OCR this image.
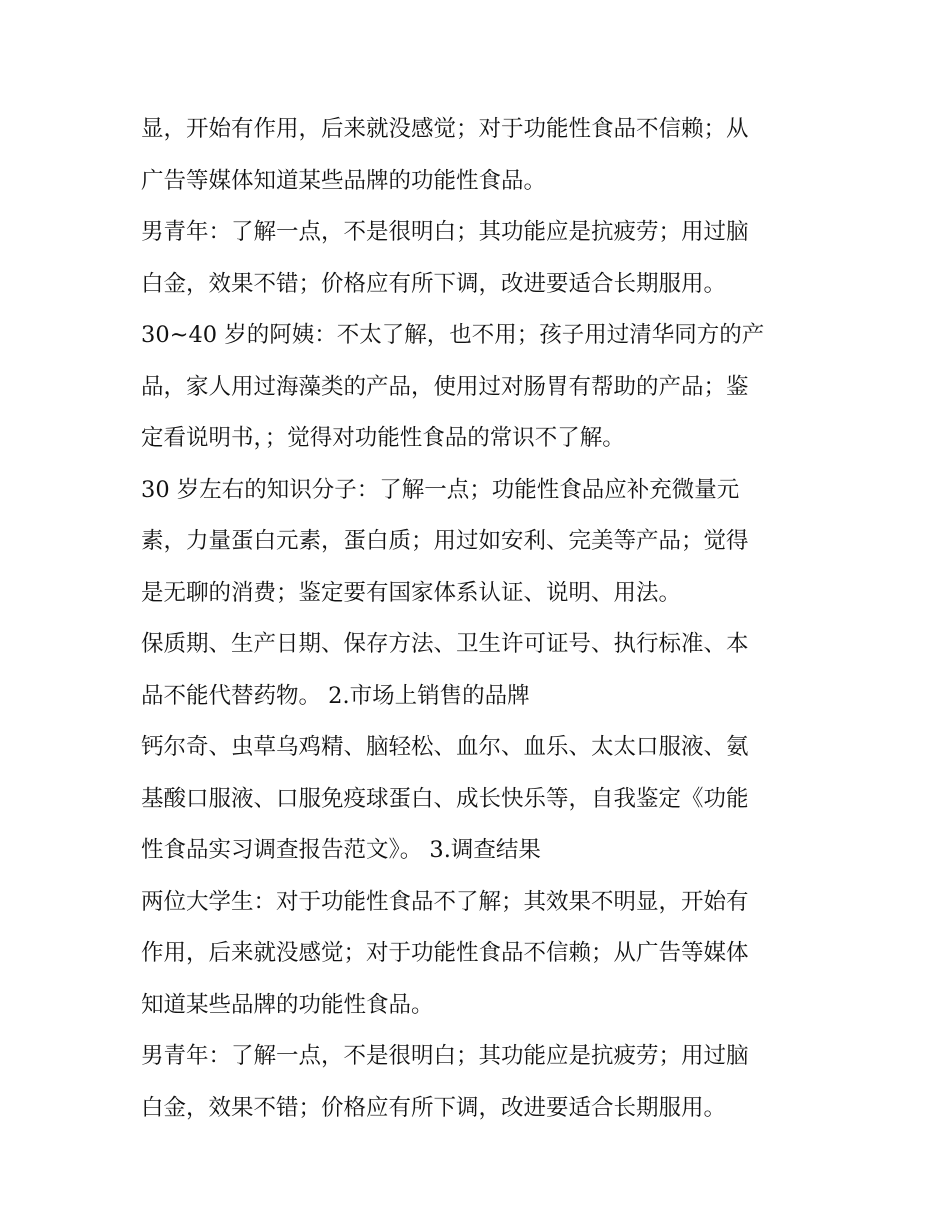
显，开始有作用，后来就没感觉；对于功能性食品不信赖；从
广告等媒体知道某些品牌的功能性食品。

男青年：了解一点，不是很明白；其功能应是抗疲劳；用过脑
白金，效果不错；价格应有所下调，改进要适合长期服用。

30~40 岁的阿姨：不太了解，也不用；孩子用过清华同方的产
品，家人用过海藻类的产品，使用过对肠胃有帮助的产品；鉴
定看说明书，；觉得对功能性食品的常识不了解。

30 岁左右的知识分子：了解一点；功能性食品应补充微量元
素，力量蛋白元素，蛋白质；用过如安利、完美等产品；觉得
是无聊的消费；鉴定要有国家体系认证、说明、用法。

保质期、生产日期、保存方法、卫生许可证号、执行标准、本
品不能代替药物。 2.市场上销售的品牌

钙尔奇、虫草乌鸡精、脑轻松、血尔、血乐、太太口服液、氨
基酸口服液、口服免疫球蛋白、成长快乐等，自我鉴定《功能
性食品实习调查报告范文》。 3.调查结果

两位大学生：对于功能性食品不了解；其效果不明显，开始有
作用，后来就没感觉；对于功能性食品不信赖；从广告等媒体
知道某些品牌的功能性食品。

男青年：了解一点，不是很明白；其功能应是抗疲劳；用过脑
白金，效果不错；价格应有所下调，改进要适合长期服用。
